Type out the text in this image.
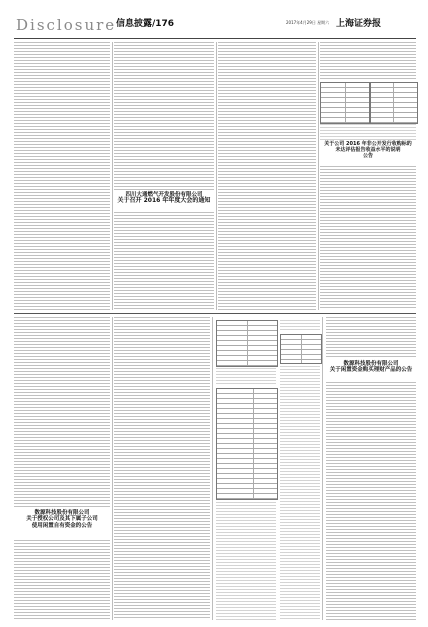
Disclosure 信息披露/176	2017年4月29日 星期六 上海证券报
四川大通燃气开发股份有限公司
关于召开 2016 年年度大会的通知
关于公司 2016 年非公开发行收购标的
未达评估报告收益水平的说明
公告
数源科技股份有限公司
关于授权公司及其下属子公司
使用闲置自有资金的公告
数源科技股份有限公司
关于闲置资金购买理财产品的公告
